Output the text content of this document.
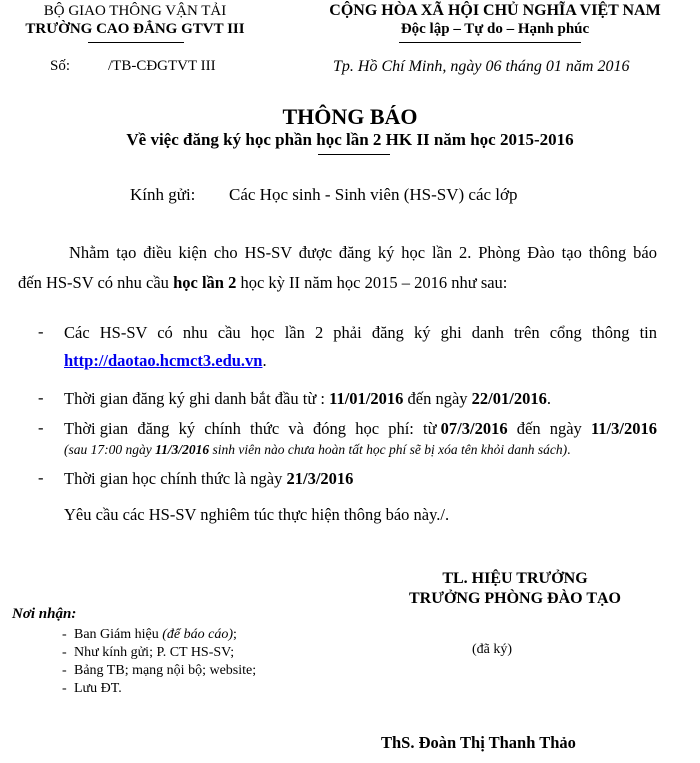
BỘ GIAO THÔNG VẬN TẢI
TRƯỜNG CAO ĐẲNG GTVT III
Số:	/TB-CĐGTVT III
CỘNG HÒA XÃ HỘI CHỦ NGHĨA VIỆT NAM
Độc lập – Tự do – Hạnh phúc
Tp. Hồ Chí Minh, ngày 06 tháng 01 năm 2016
THÔNG BÁO
Về việc đăng ký học phần học lần 2 HK II năm học 2015-2016
Kính gửi: Các Học sinh - Sinh viên (HS-SV) các lớp
Nhằm tạo điều kiện cho HS-SV được đăng ký học lần 2. Phòng Đào tạo thông báo
đến HS-SV có nhu cầu học lần 2 học kỳ II năm học 2015 – 2016 như sau:
- Các HS-SV có nhu cầu học lần 2 phải đăng ký ghi danh trên cổng thông tin
http://daotao.hcmct3.edu.vn.
- Thời gian đăng ký ghi danh bắt đầu từ : 11/01/2016 đến ngày 22/01/2016.
- Thời gian đăng ký chính thức và đóng học phí: từ 07/3/2016 đến ngày 11/3/2016
(sau 17:00 ngày 11/3/2016 sinh viên nào chưa hoàn tất học phí sẽ bị xóa tên khỏi danh sách).
- Thời gian học chính thức là ngày 21/3/2016
Yêu cầu các HS-SV nghiêm túc thực hiện thông báo này./.
TL. HIỆU TRƯỞNG
TRƯỞNG PHÒNG ĐÀO TẠO
(đã ký)
ThS. Đoàn Thị Thanh Thảo
Nơi nhận:
- Ban Giám hiệu (để báo cáo);
- Như kính gửi; P. CT HS-SV;
- Bảng TB; mạng nội bộ; website;
- Lưu ĐT.
